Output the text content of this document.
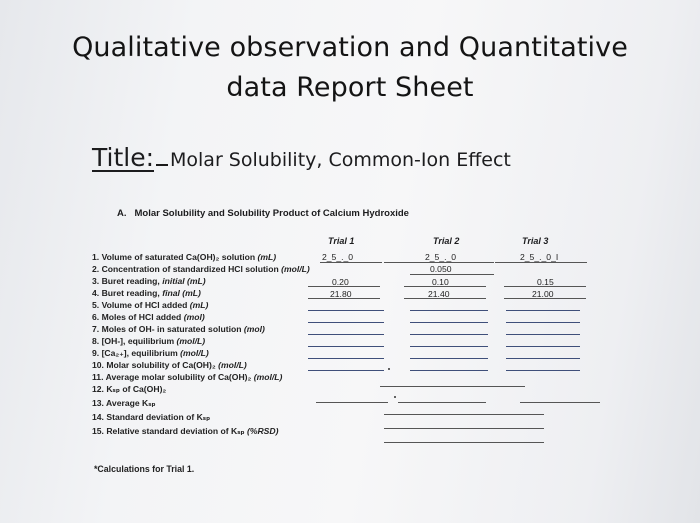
Qualitative observation and Quantitative
data Report Sheet
Title: Molar Solubility, Common-Ion Effect
A. Molar Solubility and Solubility Product of Calcium Hydroxide
Trial 1	Trial 2	Trial 3
1. Volume of saturated Ca(OH)₂ solution (mL)
2. Concentration of standardized HCl solution (mol/L)
3. Buret reading, initial (mL)
4. Buret reading, final (mL)
5. Volume of HCl added (mL)
6. Moles of HCl added (mol)
7. Moles of OH- in saturated solution (mol)
8. [OH-], equilibrium (mol/L)
9. [Ca₂₊], equilibrium (mol/L)
10. Molar solubility of Ca(OH)₂ (mol/L)
11. Average molar solubility of Ca(OH)₂ (mol/L)
12. Kₛₚ of Ca(OH)₂
13. Average Kₛₚ
14. Standard deviation of Kₛₚ
15. Relative standard deviation of Kₛₚ (%RSD)
2_5_._0
0.20
21.80
2_5_._0
0.050
0.10
21.40
2_5_._0_I
0.15
21.00
*Calculations for Trial 1.
